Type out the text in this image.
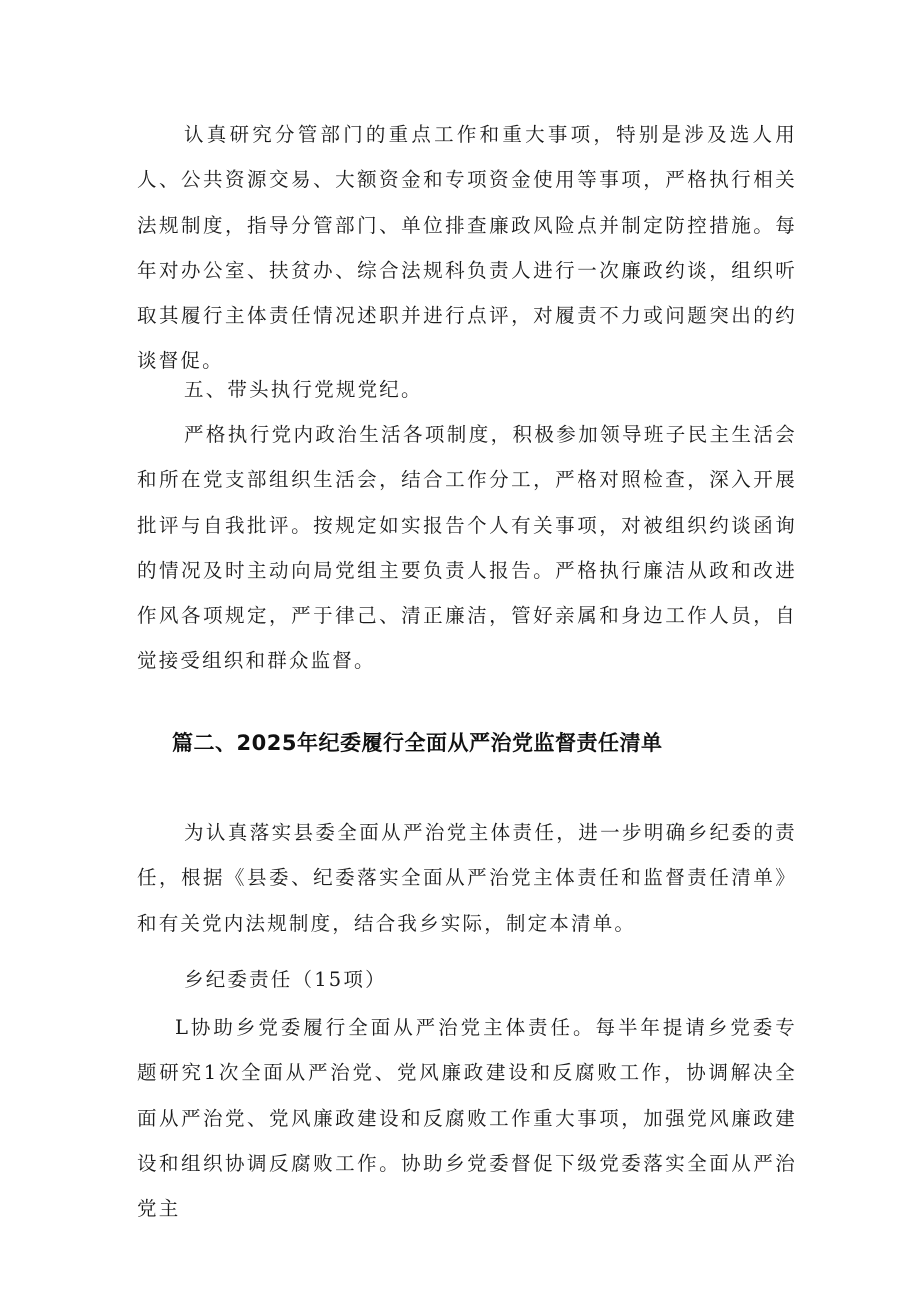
认真研究分管部门的重点工作和重大事项，特别是涉及选人用人、公共资源交易、大额资金和专项资金使用等事项，严格执行相关法规制度，指导分管部门、单位排查廉政风险点并制定防控措施。每年对办公室、扶贫办、综合法规科负责人进行一次廉政约谈，组织听取其履行主体责任情况述职并进行点评，对履责不力或问题突出的约谈督促。

五、带头执行党规党纪。

严格执行党内政治生活各项制度，积极参加领导班子民主生活会和所在党支部组织生活会，结合工作分工，严格对照检查，深入开展批评与自我批评。按规定如实报告个人有关事项，对被组织约谈函询的情况及时主动向局党组主要负责人报告。严格执行廉洁从政和改进作风各项规定，严于律己、清正廉洁，管好亲属和身边工作人员，自觉接受组织和群众监督。

篇二、2025年纪委履行全面从严治党监督责任清单

为认真落实县委全面从严治党主体责任，进一步明确乡纪委的责任，根据《县委、纪委落实全面从严治党主体责任和监督责任清单》和有关党内法规制度，结合我乡实际，制定本清单。

乡纪委责任（15项）

L协助乡党委履行全面从严治党主体责任。每半年提请乡党委专题研究1次全面从严治党、党风廉政建设和反腐败工作，协调解决全面从严治党、党风廉政建设和反腐败工作重大事项，加强党风廉政建设和组织协调反腐败工作。协助乡党委督促下级党委落实全面从严治党主
